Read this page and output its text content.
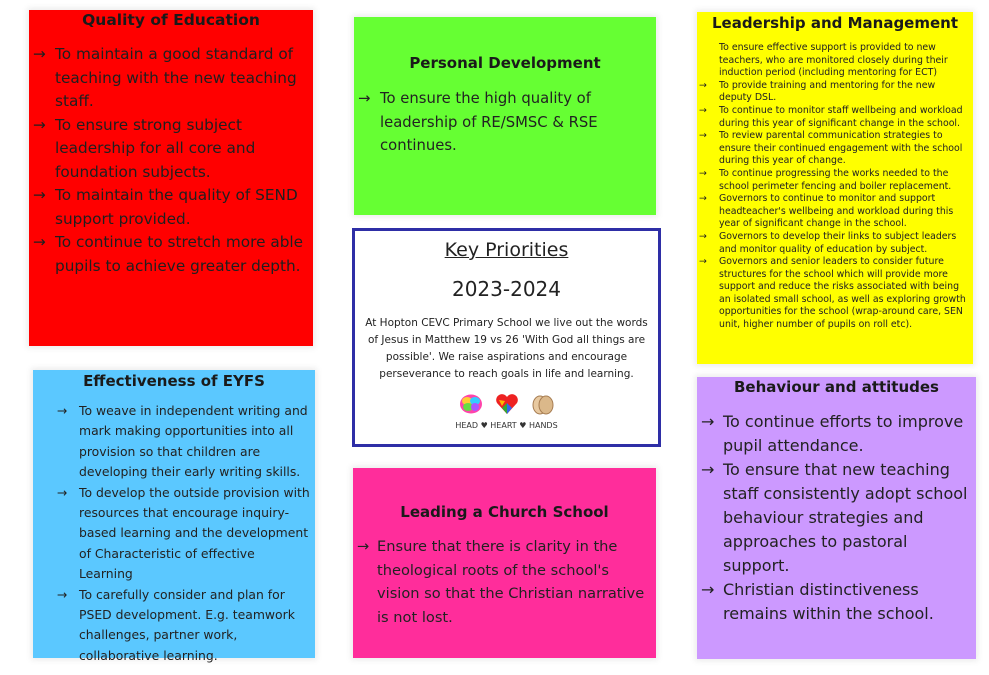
Quality of Education
→ To maintain a good standard of teaching with the new teaching staff.
→ To ensure strong subject leadership for all core and foundation subjects.
→ To maintain the quality of SEND support provided.
→ To continue to stretch more able pupils to achieve greater depth.
Personal Development
→ To ensure the high quality of leadership of RE/SMSC & RSE continues.
Leadership and Management
To ensure effective support is provided to new teachers, who are monitored closely during their induction period (including mentoring for ECT)
→ To provide training and mentoring for the new deputy DSL.
→ To continue to monitor staff wellbeing and workload during this year of significant change in the school.
→ To review parental communication strategies to ensure their continued engagement with the school during this year of change.
→ To continue progressing the works needed to the school perimeter fencing and boiler replacement.
→ Governors to continue to monitor and support headteacher's wellbeing and workload during this year of significant change in the school.
→ Governors to develop their links to subject leaders and monitor quality of education by subject.
→ Governors and senior leaders to consider future structures for the school which will provide more support and reduce the risks associated with being an isolated small school, as well as exploring growth opportunities for the school (wrap-around care, SEN unit, higher number of pupils on roll etc).
Key Priorities
2023-2024
At Hopton CEVC Primary School we live out the words of Jesus in Matthew 19 vs 26 'With God all things are possible'. We raise aspirations and encourage perseverance to reach goals in life and learning.
HEAD ♥ HEART ♥ HANDS
Effectiveness of EYFS
→ To weave in independent writing and mark making opportunities into all provision so that children are developing their early writing skills.
→ To develop the outside provision with resources that encourage inquiry-based learning and the development of Characteristic of effective Learning
→ To carefully consider and plan for PSED development. E.g. teamwork challenges, partner work, collaborative learning.
Leading a Church School
→ Ensure that there is clarity in the theological roots of the school's vision so that the Christian narrative is not lost.
Behaviour and attitudes
→ To continue efforts to improve pupil attendance.
→ To ensure that new teaching staff consistently adopt school behaviour strategies and approaches to pastoral support.
→ Christian distinctiveness remains within the school.
